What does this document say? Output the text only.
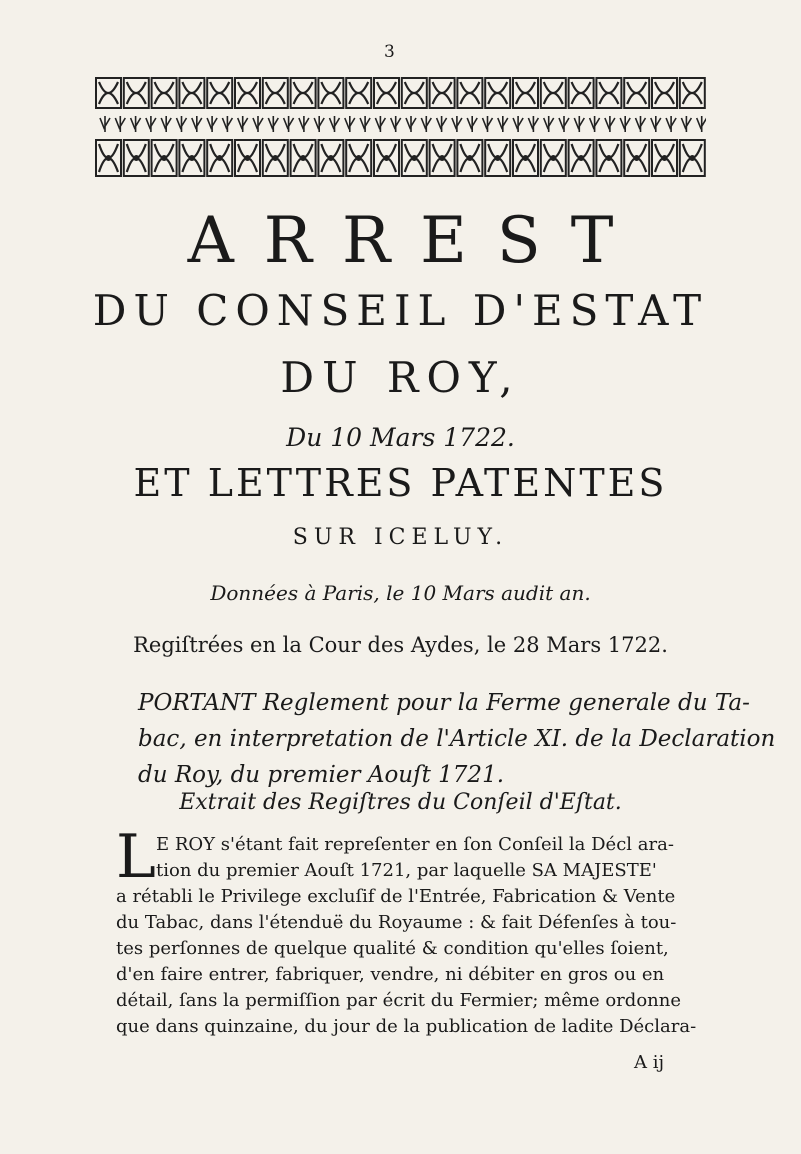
3
ARREST
DU CONSEIL D'ESTAT
DU ROY,
Du 10 Mars 1722.
ET LETTRES PATENTES
SUR ICELUY.
Données à Paris, le 10 Mars audit an.
Regiſtrées en la Cour des Aydes, le 28 Mars 1722.

PORTANT Reglement pour la Ferme generale du Ta-

bac, en interpretation de l'Article XI. de la Declaration

du Roy, du premier Aouſt 1721.

Extrait des Regiſtres du Conſeil d'Eſtat.
L E ROY s'étant fait repreſenter en ſon Conſeil la Décl ara-

tion du premier Aouſt 1721, par laquelle SA MAJESTE'

a rétabli le Privilege excluſif de l'Entrée, Fabrication & Vente

du Tabac, dans l'étenduë du Royaume : & fait Défenſes à tou-

tes perſonnes de quelque qualité & condition qu'elles ſoient,

d'en faire entrer, fabriquer, vendre, ni débiter en gros ou en

détail, ſans la permiſſion par écrit du Fermier; même ordonne

que dans quinzaine, du jour de la publication de ladite Déclara-

A ij
